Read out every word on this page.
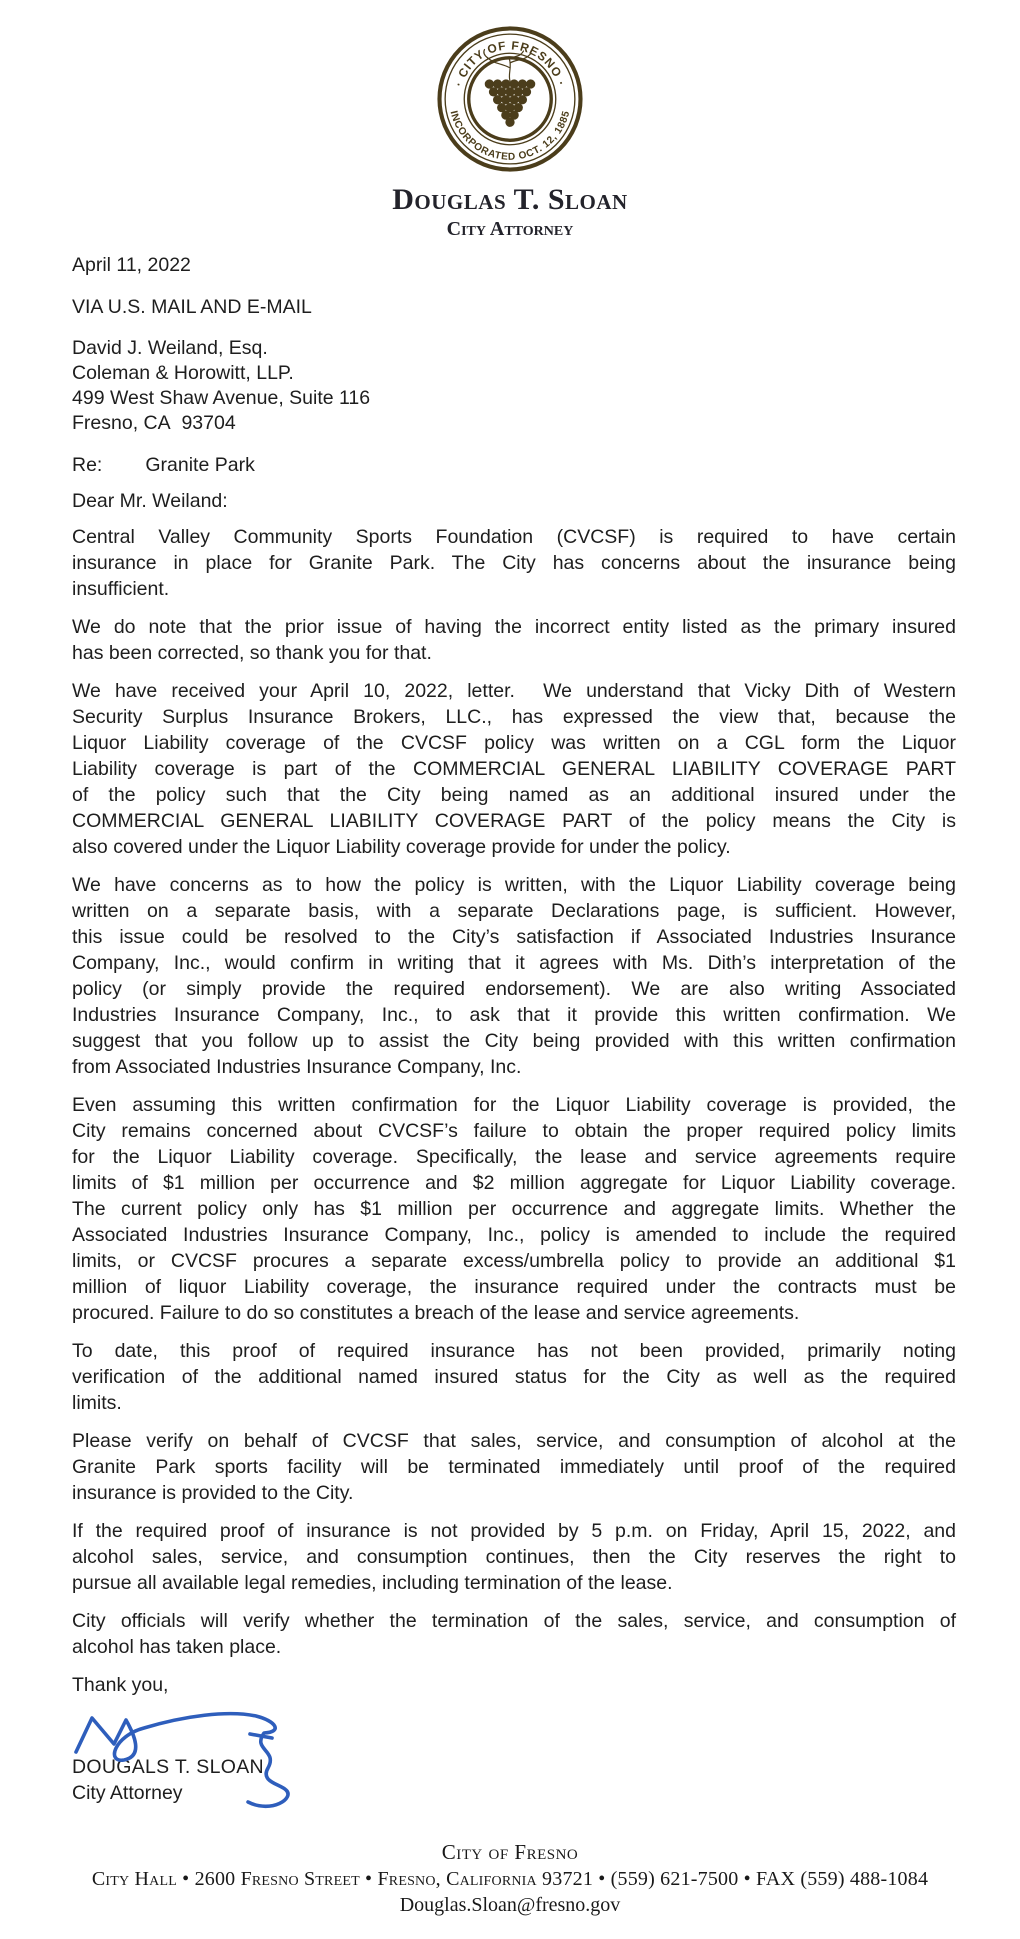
· CITY OF FRESNO ·
INCORPORATED OCT. 12, 1885
Douglas T. Sloan
City Attorney
April 11, 2022
VIA U.S. MAIL AND E-MAIL
David J. Weiland, Esq.
Coleman & Horowitt, LLP.
499 West Shaw Avenue, Suite 116
Fresno, CA  93704
Re: Granite Park
Dear Mr. Weiland:

Central Valley Community Sports Foundation (CVCSF) is required to have certain
insurance in place for Granite Park. The City has concerns about the insurance being
insufficient.

We do note that the prior issue of having the incorrect entity listed as the primary insured
has been corrected, so thank you for that.

We have received your April 10, 2022, letter.  We understand that Vicky Dith of Western
Security Surplus Insurance Brokers, LLC., has expressed the view that, because the
Liquor Liability coverage of the CVCSF policy was written on a CGL form the Liquor
Liability coverage is part of the COMMERCIAL GENERAL LIABILITY COVERAGE PART
of the policy such that the City being named as an additional insured under the
COMMERCIAL GENERAL LIABILITY COVERAGE PART of the policy means the City is
also covered under the Liquor Liability coverage provide for under the policy.

We have concerns as to how the policy is written, with the Liquor Liability coverage being
written on a separate basis, with a separate Declarations page, is sufficient. However,
this issue could be resolved to the City’s satisfaction if Associated Industries Insurance
Company, Inc., would confirm in writing that it agrees with Ms. Dith’s interpretation of the
policy (or simply provide the required endorsement). We are also writing Associated
Industries Insurance Company, Inc., to ask that it provide this written confirmation. We
suggest that you follow up to assist the City being provided with this written confirmation
from Associated Industries Insurance Company, Inc.

Even assuming this written confirmation for the Liquor Liability coverage is provided, the
City remains concerned about CVCSF’s failure to obtain the proper required policy limits
for the Liquor Liability coverage. Specifically, the lease and service agreements require
limits of $1 million per occurrence and $2 million aggregate for Liquor Liability coverage.
The current policy only has $1 million per occurrence and aggregate limits. Whether the
Associated Industries Insurance Company, Inc., policy is amended to include the required
limits, or CVCSF procures a separate excess/umbrella policy to provide an additional $1
million of liquor Liability coverage, the insurance required under the contracts must be
procured. Failure to do so constitutes a breach of the lease and service agreements.

To date, this proof of required insurance has not been provided, primarily noting
verification of the additional named insured status for the City as well as the required
limits.

Please verify on behalf of CVCSF that sales, service, and consumption of alcohol at the
Granite Park sports facility will be terminated immediately until proof of the required
insurance is provided to the City.

If the required proof of insurance is not provided by 5 p.m. on Friday, April 15, 2022, and
alcohol sales, service, and consumption continues, then the City reserves the right to
pursue all available legal remedies, including termination of the lease.

City officials will verify whether the termination of the sales, service, and consumption of
alcohol has taken place.

Thank you,
DOUGALS T. SLOAN
City Attorney
City of Fresno
City Hall • 2600 Fresno Street • Fresno, California 93721 • (559) 621-7500 • FAX (559) 488-1084
Douglas.Sloan@fresno.gov
